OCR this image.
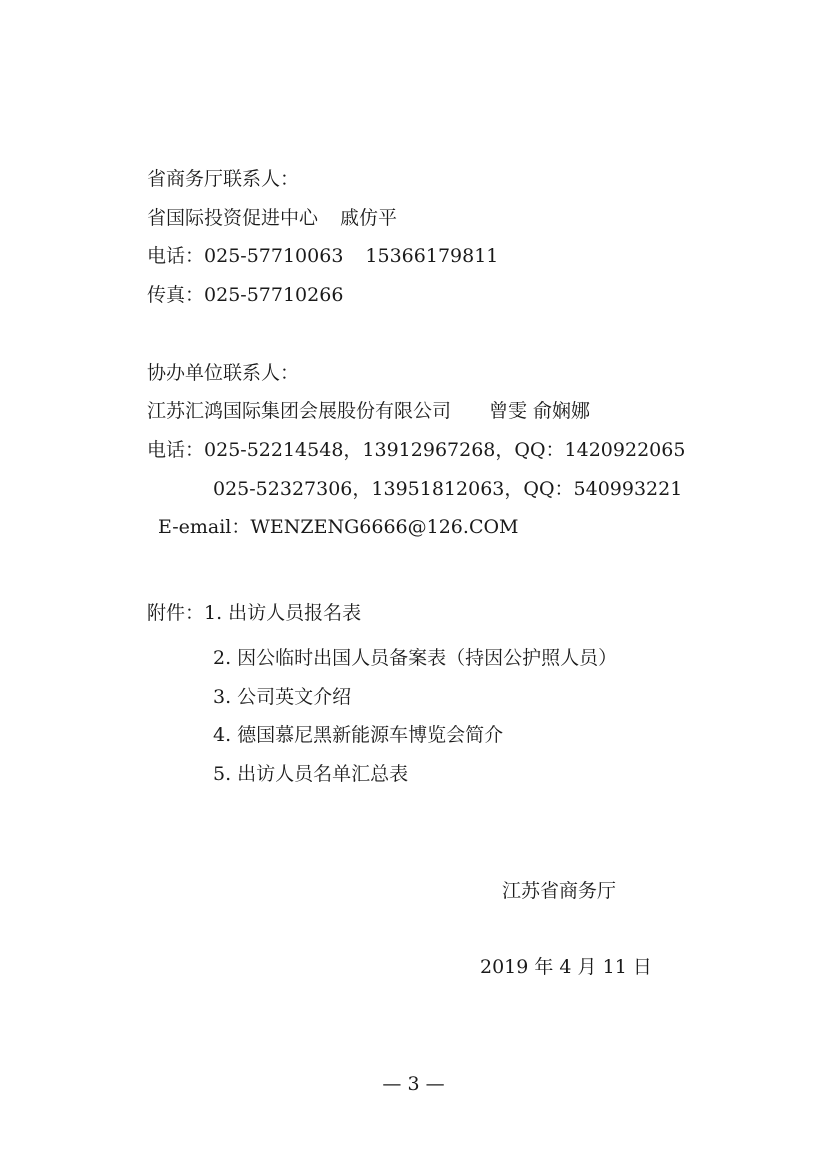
省商务厅联系人：
省国际投资促进中心 戚仿平
电话：025-57710063 15366179811
传真：025-57710266
协办单位联系人：
江苏汇鸿国际集团会展股份有限公司 曾雯 俞娴娜
电话：025-52214548，13912967268，QQ：1420922065
025-52327306，13951812063，QQ：540993221
E-email：WENZENG6666@126.COM
附件：1. 出访人员报名表
2. 因公临时出国人员备案表（持因公护照人员）
3. 公司英文介绍
4. 德国慕尼黑新能源车博览会简介
5. 出访人员名单汇总表
江苏省商务厅
2019 年 4 月 11 日
— 3 —
